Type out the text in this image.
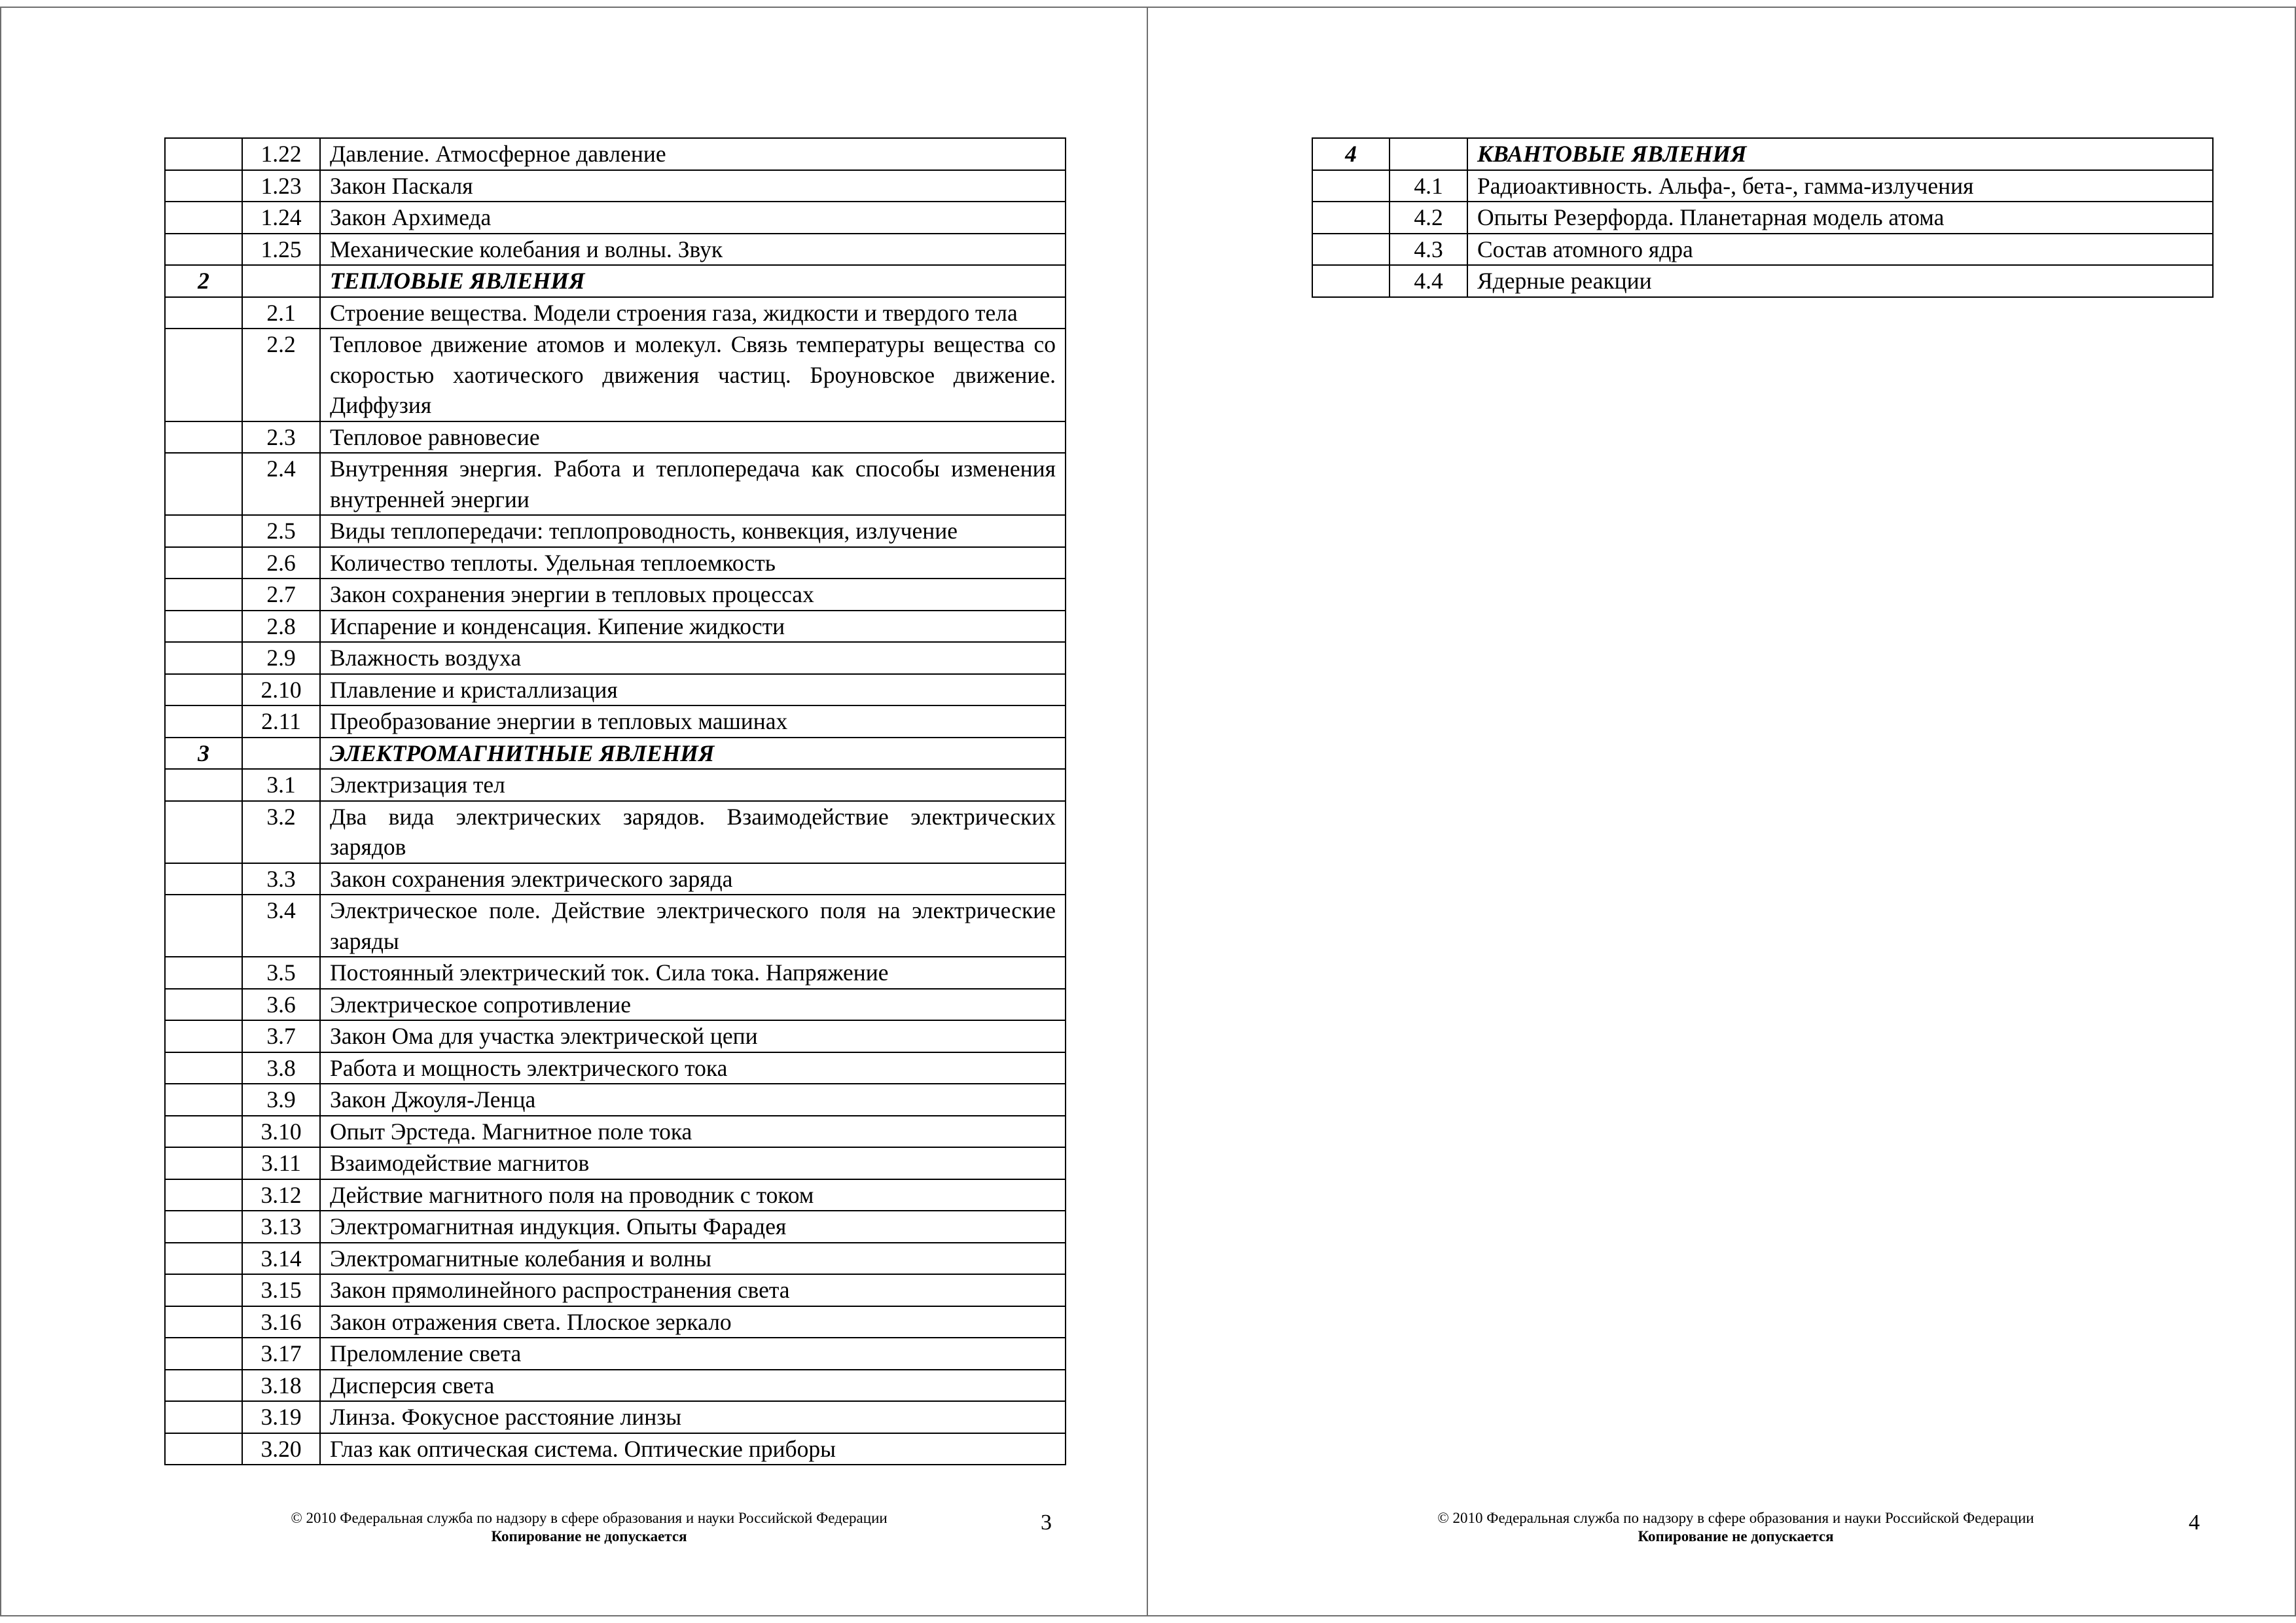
	1.22	Давление. Атмосферное давление
	1.23	Закон Паскаля
	1.24	Закон Архимеда
	1.25	Механические колебания и волны. Звук
2		ТЕПЛОВЫЕ ЯВЛЕНИЯ
	2.1	Строение вещества. Модели строения газа, жидкости и твердого тела
	2.2	Тепловое движение атомов и молекул. Связь температуры вещества со скоростью хаотического движения частиц. Броуновское движение. Диффузия
	2.3	Тепловое равновесие
	2.4	Внутренняя энергия. Работа и теплопередача как способы изменения внутренней энергии
	2.5	Виды теплопередачи: теплопроводность, конвекция, излучение
	2.6	Количество теплоты. Удельная теплоемкость
	2.7	Закон сохранения энергии в тепловых процессах
	2.8	Испарение и конденсация. Кипение жидкости
	2.9	Влажность воздуха
	2.10	Плавление и кристаллизация
	2.11	Преобразование энергии в тепловых машинах
3		ЭЛЕКТРОМАГНИТНЫЕ ЯВЛЕНИЯ
	3.1	Электризация тел
	3.2	Два вида электрических зарядов. Взаимодействие электрических зарядов
	3.3	Закон сохранения электрического заряда
	3.4	Электрическое поле. Действие электрического поля на электрические заряды
	3.5	Постоянный электрический ток. Сила тока. Напряжение
	3.6	Электрическое сопротивление
	3.7	Закон Ома для участка электрической цепи
	3.8	Работа и мощность электрического тока
	3.9	Закон Джоуля-Ленца
	3.10	Опыт Эрстеда. Магнитное поле тока
	3.11	Взаимодействие магнитов
	3.12	Действие магнитного поля на проводник с током
	3.13	Электромагнитная индукция. Опыты Фарадея
	3.14	Электромагнитные колебания и волны
	3.15	Закон прямолинейного распространения света
	3.16	Закон отражения света. Плоское зеркало
	3.17	Преломление света
	3.18	Дисперсия света
	3.19	Линза. Фокусное расстояние линзы
	3.20	Глаз как оптическая система. Оптические приборы
4		КВАНТОВЫЕ ЯВЛЕНИЯ
	4.1	Радиоактивность. Альфа-, бета-, гамма-излучения
	4.2	Опыты Резерфорда. Планетарная модель атома
	4.3	Состав атомного ядра
	4.4	Ядерные реакции
© 2010 Федеральная служба по надзору в сфере образования и науки Российской Федерации
Копирование не допускается
3	© 2010 Федеральная служба по надзору в сфере образования и науки Российской Федерации
Копирование не допускается
4
